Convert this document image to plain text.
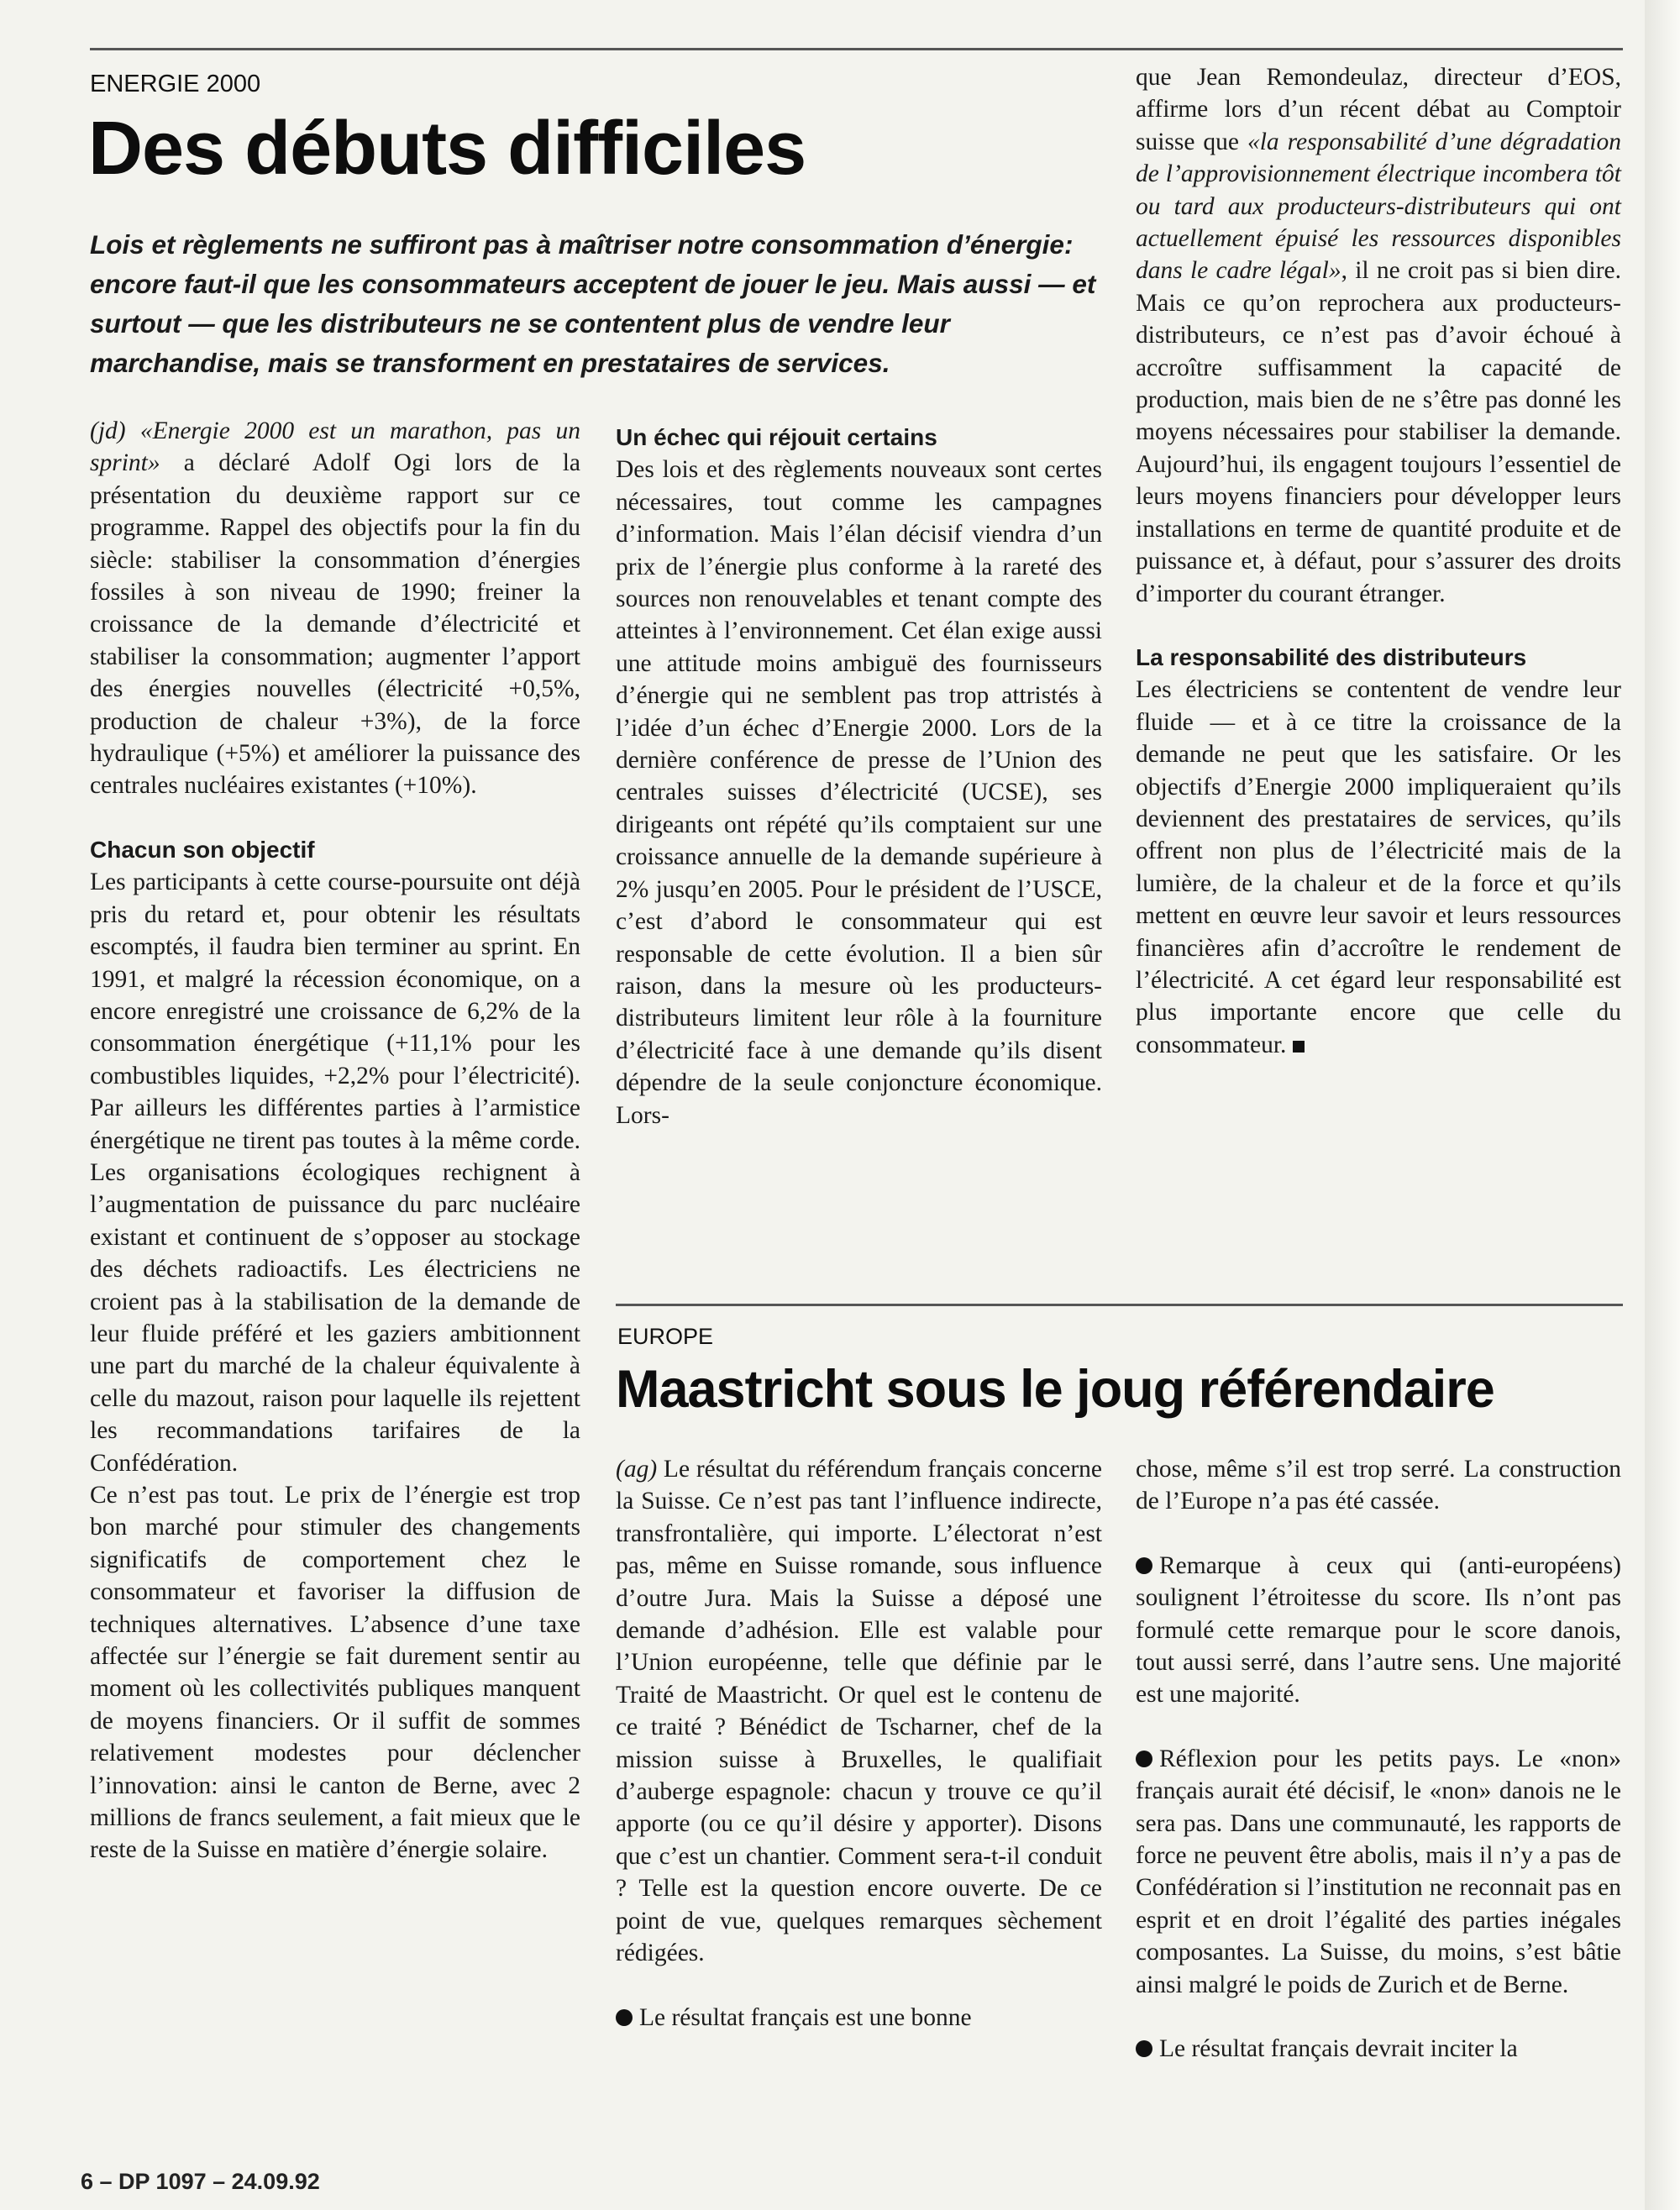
ENERGIE 2000
Des débuts difficiles
Lois et règlements ne suffiront pas à maîtriser notre consommation d’énergie: encore faut-il que les consommateurs acceptent de jouer le jeu. Mais aussi — et surtout — que les distributeurs ne se contentent plus de vendre leur marchandise, mais se transforment en prestataires de services.

(jd) «Energie 2000 est un marathon, pas un sprint» a déclaré Adolf Ogi lors de la présentation du deuxième rapport sur ce programme. Rappel des objectifs pour la fin du siècle: stabiliser la consommation d’énergies fossiles à son niveau de 1990; freiner la croissance de la demande d’électricité et stabiliser la consommation; augmenter l’apport des énergies nouvelles (électricité +0,5%, production de chaleur +3%), de la force hydraulique (+5%) et améliorer la puissance des centrales nucléaires existantes (+10%).

Chacun son objectif

Les participants à cette course-poursuite ont déjà pris du retard et, pour obtenir les résultats escomptés, il faudra bien terminer au sprint. En 1991, et malgré la récession économique, on a encore enregistré une croissance de 6,2% de la consommation énergétique (+11,1% pour les combustibles liquides, +2,2% pour l’électricité). Par ailleurs les différentes parties à l’armistice énergétique ne tirent pas toutes à la même corde. Les organisations écologiques rechignent à l’augmentation de puissance du parc nucléaire existant et continuent de s’opposer au stockage des déchets radioactifs. Les électriciens ne croient pas à la stabilisation de la demande de leur fluide préféré et les gaziers ambitionnent une part du marché de la chaleur équivalente à celle du mazout, raison pour laquelle ils rejettent les recommandations tarifaires de la Confédération.

Ce n’est pas tout. Le prix de l’énergie est trop bon marché pour stimuler des changements significatifs de comportement chez le consommateur et favoriser la diffusion de techniques alternatives. L’absence d’une taxe affectée sur l’énergie se fait durement sentir au moment où les collectivités publiques manquent de moyens financiers. Or il suffit de sommes relativement modestes pour déclencher l’innovation: ainsi le canton de Berne, avec 2 millions de francs seulement, a fait mieux que le reste de la Suisse en matière d’énergie solaire.

Un échec qui réjouit certains

Des lois et des règlements nouveaux sont certes nécessaires, tout comme les campagnes d’information. Mais l’élan décisif viendra d’un prix de l’énergie plus conforme à la rareté des sources non renouvelables et tenant compte des atteintes à l’environnement. Cet élan exige aussi une attitude moins ambiguë des fournisseurs d’énergie qui ne semblent pas trop attristés à l’idée d’un échec d’Energie 2000. Lors de la dernière conférence de presse de l’Union des centrales suisses d’électricité (UCSE), ses dirigeants ont répété qu’ils comptaient sur une croissance annuelle de la demande supérieure à 2% jusqu’en 2005. Pour le président de l’USCE, c’est d’abord le consommateur qui est responsable de cette évolution. Il a bien sûr raison, dans la mesure où les producteurs-distributeurs limitent leur rôle à la fourniture d’électricité face à une demande qu’ils disent dépendre de la seule conjoncture économique. Lors-

que Jean Remondeulaz, directeur d’EOS, affirme lors d’un récent débat au Comptoir suisse que «la responsabilité d’une dégradation de l’approvisionnement électrique incombera tôt ou tard aux producteurs-distributeurs qui ont actuellement épuisé les ressources disponibles dans le cadre légal», il ne croit pas si bien dire. Mais ce qu’on reprochera aux producteurs-distributeurs, ce n’est pas d’avoir échoué à accroître suffisamment la capacité de production, mais bien de ne s’être pas donné les moyens nécessaires pour stabiliser la demande. Aujourd’hui, ils engagent toujours l’essentiel de leurs moyens financiers pour développer leurs installations en terme de quantité produite et de puissance et, à défaut, pour s’assurer des droits d’importer du courant étranger.

La responsabilité des distributeurs

Les électriciens se contentent de vendre leur fluide — et à ce titre la croissance de la demande ne peut que les satisfaire. Or les objectifs d’Energie 2000 impliqueraient qu’ils deviennent des prestataires de services, qu’ils offrent non plus de l’électricité mais de la lumière, de la chaleur et de la force et qu’ils mettent en œuvre leur savoir et leurs ressources financières afin d’accroître le rendement de l’électricité. A cet égard leur responsabilité est plus importante encore que celle du consommateur.

EUROPE
Maastricht sous le joug référendaire

(ag) Le résultat du référendum français concerne la Suisse. Ce n’est pas tant l’influence indirecte, transfrontalière, qui importe. L’électorat n’est pas, même en Suisse romande, sous influence d’outre Jura. Mais la Suisse a déposé une demande d’adhésion. Elle est valable pour l’Union européenne, telle que définie par le Traité de Maastricht. Or quel est le contenu de ce traité ? Bénédict de Tscharner, chef de la mission suisse à Bruxelles, le qualifiait d’auberge espagnole: chacun y trouve ce qu’il apporte (ou ce qu’il désire y apporter). Disons que c’est un chantier. Comment sera-t-il conduit ? Telle est la question encore ouverte. De ce point de vue, quelques remarques sèchement rédigées.

Le résultat français est une bonne

chose, même s’il est trop serré. La construction de l’Europe n’a pas été cassée.

Remarque à ceux qui (anti-européens) soulignent l’étroitesse du score. Ils n’ont pas formulé cette remarque pour le score danois, tout aussi serré, dans l’autre sens. Une majorité est une majorité.

Réflexion pour les petits pays. Le «non» français aurait été décisif, le «non» danois ne le sera pas. Dans une communauté, les rapports de force ne peuvent être abolis, mais il n’y a pas de Confédération si l’institution ne reconnait pas en esprit et en droit l’égalité des parties inégales composantes. La Suisse, du moins, s’est bâtie ainsi malgré le poids de Zurich et de Berne.

Le résultat français devrait inciter la

6 – DP 1097 – 24.09.92
